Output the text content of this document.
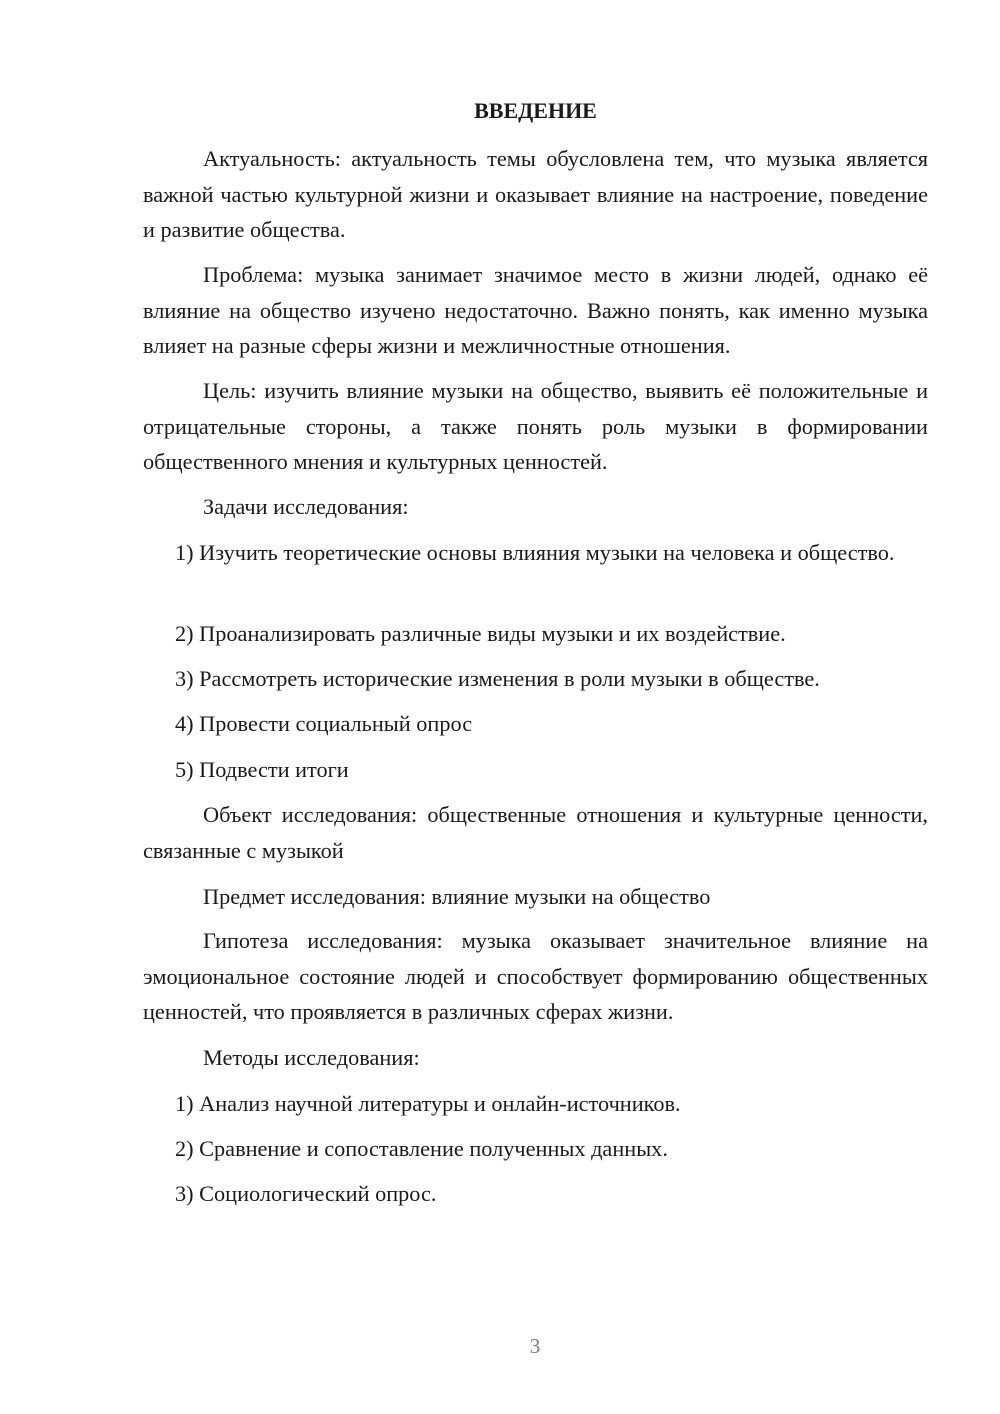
ВВЕДЕНИЕ

Актуальность: актуальность темы обусловлена тем, что музыка является важной частью культурной жизни и оказывает влияние на настроение, поведение и развитие общества.

Проблема: музыка занимает значимое место в жизни людей, однако её влияние на общество изучено недостаточно. Важно понять, как именно музыка влияет на разные сферы жизни и межличностные отношения.

Цель: изучить влияние музыки на общество, выявить её положительные и отрицательные стороны, а также понять роль музыки в формировании общественного мнения и культурных ценностей.

Задачи исследования:

1) Изучить теоретические основы влияния музыки на человека и общество.

2) Проанализировать различные виды музыки и их воздействие.

3) Рассмотреть исторические изменения в роли музыки в обществе.

4) Провести социальный опрос

5) Подвести итоги

Объект исследования: общественные отношения и культурные ценности, связанные с музыкой

Предмет исследования: влияние музыки на общество

Гипотеза исследования: музыка оказывает значительное влияние на эмоциональное состояние людей и способствует формированию общественных ценностей, что проявляется в различных сферах жизни.

Методы исследования:

1) Анализ научной литературы и онлайн-источников.

2) Сравнение и сопоставление полученных данных.

3) Социологический опрос.

3
